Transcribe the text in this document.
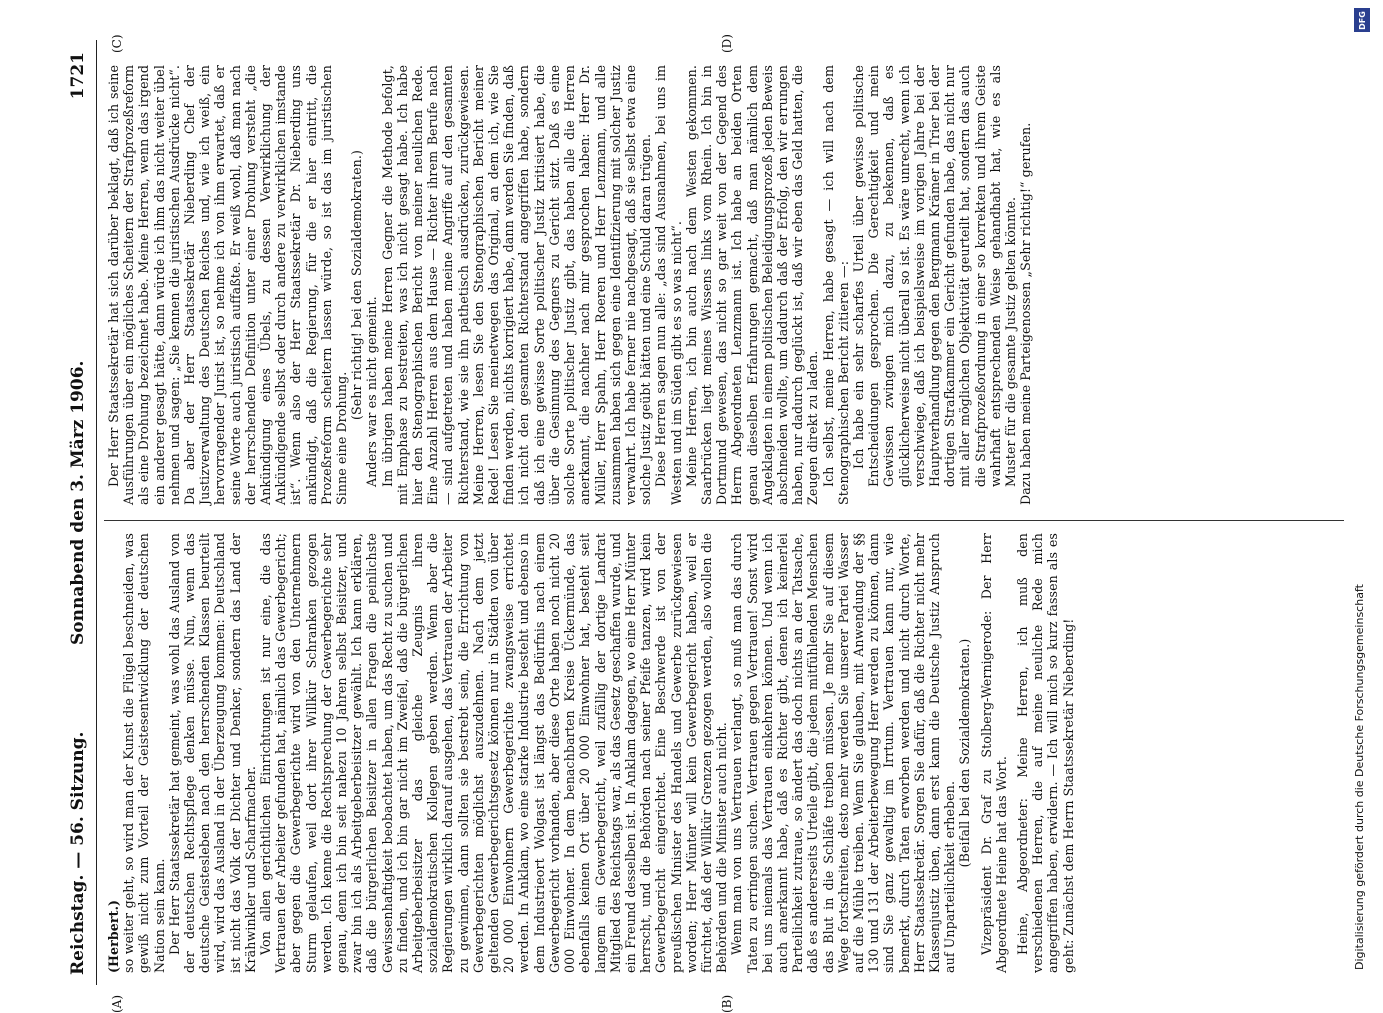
Reichstag. — 56. Sitzung.
Sonnabend den 3. März 1906.
1721
(A)	(B)
(C)	(D)

(Herbert.) so weiter geht, so wird man der Kunst die Flügel beschneiden, was gewiß nicht zum Vorteil der Geistesentwicklung der deutschen Nation sein kann. Der Herr Staatssekretär hat gemeint, was wohl das Ausland von der deutschen Rechtspflege denken müsse. Nun, wenn das deutsche Geistesleben nach den herrschenden Klassen beurteilt wird, wird das Ausland in der Überzeugung kommen: Deutschland ist nicht das Volk der Dichter und Denker, sondern das Land der Krähwinkler und Scharfmacher. Von allen gerichtlichen Einrichtungen ist nur eine, die das Vertrauen der Arbeiter gefunden hat, nämlich das Gewerbegericht; aber gegen die Gewerbegerichte wird von den Unternehmern Sturm gelaufen, weil dort ihrer Willkür Schranken gezogen werden. Ich kenne die Rechtsprechung der Gewerbegerichte sehr genau, denn ich bin seit nahezu 10 Jahren selbst Beisitzer, und zwar bin ich als Arbeitgeberbeisitzer gewählt. Ich kann erklären, daß die bürgerlichen Beisitzer in allen Fragen die peinlichste Gewissenhaftigkeit beobachtet haben, um das Recht zu suchen und zu finden, und ich bin gar nicht im Zweifel, daß die bürgerlichen Arbeitgeberbeisitzer das gleiche Zeugnis ihren sozialdemokratischen Kollegen geben werden. Wenn aber die Regierungen wirklich darauf ausgehen, das Vertrauen der Arbeiter zu gewinnen, dann sollten sie bestrebt sein, die Errichtung von Gewerbegerichten möglichst auszudehnen. Nach dem jetzt geltenden Gewerbegerichtsgesetz können nur in Städten von über 20 000 Einwohnern Gewerbegerichte zwangsweise errichtet werden. In Anklam, wo eine starke Industrie besteht und ebenso in dem Industrieort Wolgast ist längst das Bedürfnis nach einem Gewerbegericht vorhanden, aber diese Orte haben noch nicht 20 000 Einwohner. In dem benachbarten Kreise Ückermünde, das ebenfalls keinen Ort über 20 000 Einwohner hat, besteht seit langem ein Gewerbegericht, weil zufällig der dortige Landrat Mitglied des Reichstags war, als das Gesetz geschaffen wurde, und ein Freund desselben ist. In Anklam dagegen, wo eine Herr Münter herrscht, und die Behörden nach seiner Pfeife tanzen, wird kein Gewerbegericht eingerichtet. Eine Beschwerde ist von der preußischen Minister des Handels und Gewerbe zurückgewiesen worden; Herr Münter will kein Gewerbegericht haben, weil er fürchtet, daß der Willkür Grenzen gezogen werden, also wollen die Behörden und die Minister auch nicht. Wenn man von uns Vertrauen verlangt, so muß man das durch Taten zu erringen suchen. Vertrauen gegen Vertrauen! Sonst wird bei uns niemals das Vertrauen einkehren können. Und wenn ich auch anerkannt habe, daß es Richter gibt, denen ich keinerlei Parteilichkeit zutraue, so ändert das doch nichts an der Tatsache, daß es andererseits Urteile gibt, die jedem mitfühlenden Menschen das Blut in die Schläfe treiben müssen. Je mehr Sie auf diesem Wege fortschreiten, desto mehr werden Sie unserer Partei Wasser auf die Mühle treiben. Wenn Sie glauben, mit Anwendung der §§ 130 und 131 der Arbeiterbewegung Herr werden zu können, dann sind Sie ganz gewaltig im Irrtum. Vertrauen kann nur, wie bemerkt, durch Taten erworben werden und nicht durch Worte, Herr Staatssekretär. Sorgen Sie dafür, daß die Richter nicht mehr Klassenjustiz üben, dann erst kann die Deutsche Justiz Anspruch auf Unparteilichkeit erheben.

(Beifall bei den Sozialdemokraten.) Vizepräsident Dr. Graf zu Stolberg-Wernigerode: Der Herr Abgeordnete Heine hat das Wort. Heine, Abgeordneter: Meine Herren, ich muß den verschiedenen Herren, die auf meine neuliche Rede mich angegriffen haben, erwidern. — Ich will mich so kurz fassen als es geht: Zunächst dem Herrn Staatssekretär Nieberding!

Der Herr Staatssekretär hat sich darüber beklagt, daß ich seine Ausführungen über ein mögliches Scheitern der Strafprozeßreform als eine Drohung bezeichnet habe. Meine Herren, wenn das irgend ein anderer gesagt hätte, dann würde ich ihm das nicht weiter übel nehmen und sagen: „Sie kennen die juristischen Ausdrücke nicht“. Da aber der Herr Staatssekretär Nieberding Chef der Justizverwaltung des Deutschen Reiches und, wie ich weiß, ein hervorragender Jurist ist, so nehme ich von ihm erwartet, daß er seine Worte auch juristisch auffaßte. Er weiß wohl, daß man nach der herrschenden Definition unter einer Drohung versteht „die Ankündigung eines Übels, zu dessen Verwirklichung der Ankündigende selbst oder durch andere zu verwirklichen imstande ist“. Wenn also der Herr Staatssekretär Dr. Nieberding uns ankündigt, daß die Regierung, für die er hier eintritt, die Prozeßreform scheitern lassen würde, so ist das im juristischen Sinne eine Drohung.

(Sehr richtig! bei den Sozialdemokraten.) Anders war es nicht gemeint. Im übrigen haben meine Herren Gegner die Methode befolgt, mit Emphase zu bestreiten, was ich nicht gesagt habe. Ich habe hier den Stenographischen Bericht von meiner neulichen Rede. Eine Anzahl Herren aus dem Hause — Richter ihrem Berufe nach — sind aufgetreten und haben meine Angriffe auf den gesamten Richterstand, wie sie ihn pathetisch ausdrücken, zurückgewiesen. Meine Herren, lesen Sie den Stenographischen Bericht meiner Rede! Lesen Sie meinetwegen das Original, an dem ich, wie Sie finden werden, nichts korrigiert habe, dann werden Sie finden, daß ich nicht den gesamten Richterstand angegriffen habe, sondern daß ich eine gewisse Sorte politischer Justiz kritisiert habe, die über die Gesinnung des Gegners zu Gericht sitzt. Daß es eine solche Sorte politischer Justiz gibt, das haben alle die Herren anerkannt, die nachher nach mir gesprochen haben: Herr Dr. Müller, Herr Spahn, Herr Roeren und Herr Lenzmann, und alle zusammen haben sich gegen eine Identifizierung mit solcher Justiz verwahrt. Ich habe ferner nie nachgesagt, daß sie selbst etwa eine solche Justiz geübt hätten und eine Schuld daran trügen. Diese Herren sagen nun alle: „das sind Ausnahmen, bei uns im Westen und im Süden gibt es so was nicht“. Meine Herren, ich bin auch nach dem Westen gekommen. Saarbrücken liegt meines Wissens links vom Rhein. Ich bin in Dortmund gewesen, das nicht so gar weit von der Gegend des Herrn Abgeordneten Lenzmann ist. Ich habe an beiden Orten genau dieselben Erfahrungen gemacht, daß man nämlich dem Angeklagten in einem politischen Beleidigungsprozeß jeden Beweis abschneiden wollte, um dadurch daß der Erfolg, den wir errungen haben, nur dadurch geglückt ist, daß wir eben das Geld hatten, die Zeugen direkt zu laden. Ich selbst, meine Herren, habe gesagt — ich will nach dem Stenographischen Bericht zitieren —: Ich habe ein sehr scharfes Urteil über gewisse politische Entscheidungen gesprochen. Die Gerechtigkeit und mein Gewissen zwingen mich dazu, zu bekennen, daß es glücklicherweise nicht überall so ist. Es wäre unrecht, wenn ich verschwiege, daß ich beispielsweise im vorigen Jahre bei der Hauptverhandlung gegen den Bergmann Krämer in Trier bei der dortigen Strafkammer ein Gericht gefunden habe, das nicht nur mit aller möglichen Objektivität geurteilt hat, sondern das auch die Strafprozeßordnung in einer so korrekten und ihrem Geiste wahrhaft entsprechenden Weise gehandhabt hat, wie es als Muster für die gesamte Justiz gelten könnte. Dazu haben meine Parteigenossen „Sehr richtig!“ gerufen.

DFG
Digitalisierung gefördert durch die Deutsche Forschungsgemeinschaft
